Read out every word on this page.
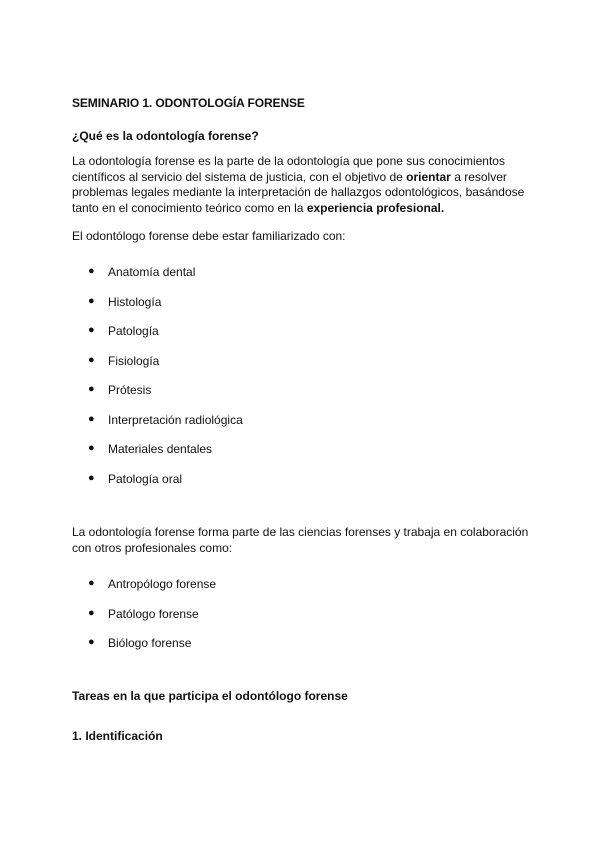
SEMINARIO 1. ODONTOLOGÍA FORENSE
¿Qué es la odontología forense?
La odontología forense es la parte de la odontología que pone sus conocimientos científicos al servicio del sistema de justicia, con el objetivo de orientar a resolver problemas legales mediante la interpretación de hallazgos odontológicos, basándose tanto en el conocimiento teórico como en la experiencia profesional.
El odontólogo forense debe estar familiarizado con:
● Anatomía dental
● Histología
● Patología
● Fisiología
● Prótesis
● Interpretación radiológica
● Materiales dentales
● Patología oral
La odontología forense forma parte de las ciencias forenses y trabaja en colaboración con otros profesionales como:
● Antropólogo forense
● Patólogo forense
● Biólogo forense
Tareas en la que participa el odontólogo forense
1. Identificación
